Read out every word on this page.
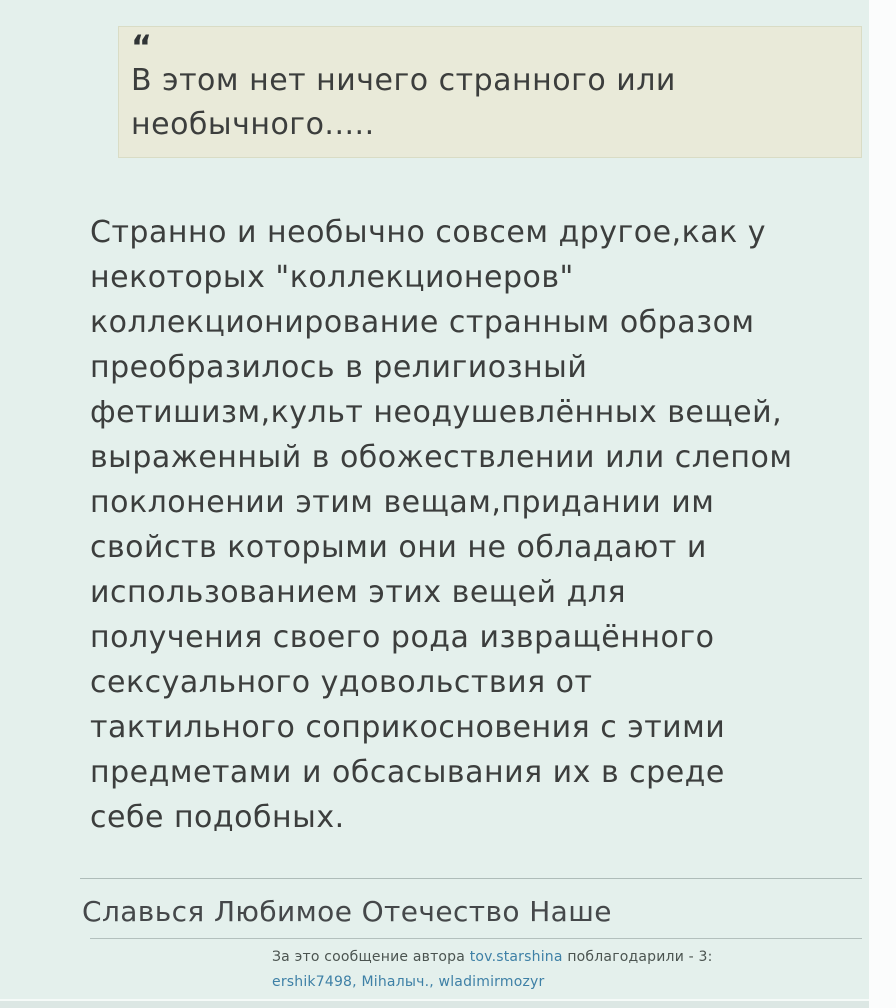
“
В этом нет ничего странного или необычного.....
Странно и необычно совсем другое,как у
некоторых "коллекционеров"
коллекционирование странным образом
преобразилось в религиозный
фетишизм,культ неодушевлённых вещей,
выраженный в обожествлении или слепом
поклонении этим вещам,придании им
свойств которыми они не обладают и
использованием этих вещей для
получения своего рода извращённого
сексуального удовольствия от
тактильного соприкосновения с этими
предметами и обсасывания их в среде
себе подобных.
Славься Любимое Отечество Наше
За это сообщение автора tov.starshina поблагодарили - 3:
ershik7498, Міhалыч., wladimirmozyr
